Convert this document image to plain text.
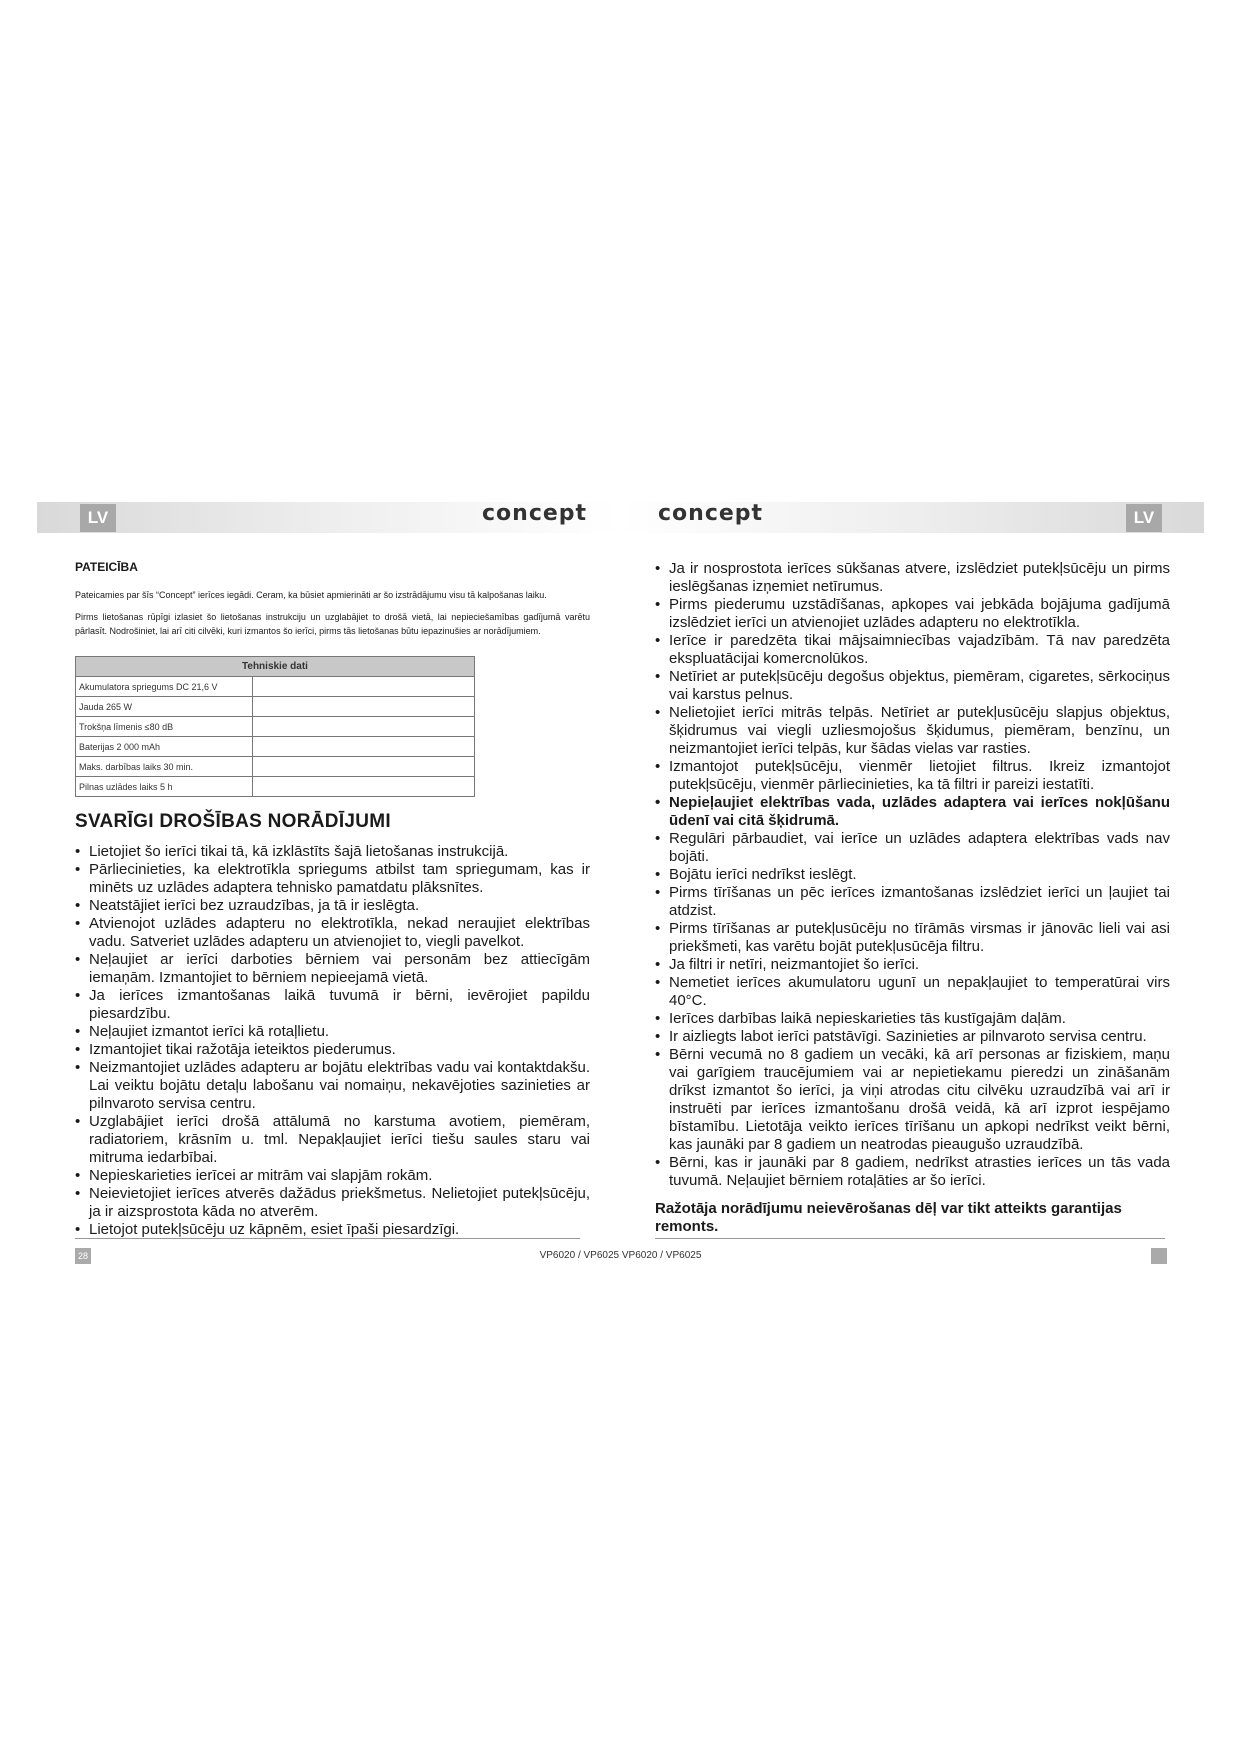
LV	LV
concept	concept
PATEICĪBA

Pateicamies par šīs “Concept” ierīces iegādi. Ceram, ka būsiet apmierināti ar šo izstrādājumu visu tā kalpošanas laiku.

Pirms lietošanas rūpīgi izlasiet šo lietošanas instrukciju un uzglabājiet to drošā vietā, lai nepieciešamības gadījumā varētu pārlasīt. Nodrošiniet, lai arī citi cilvēki, kuri izmantos šo ierīci, pirms tās lietošanas būtu iepazinušies ar norādījumiem.

Tehniskie dati	
Akumulatora spriegums DC 21,6 V	
Jauda 265 W	
Trokšņa līmenis ≤80 dB	
Baterijas 2 000 mAh	
Maks. darbības laiks 30 min.	
Pilnas uzlādes laiks 5 h	
SVARĪGI DROŠĪBAS NORĀDĪJUMI
• Lietojiet šo ierīci tikai tā, kā izklāstīts šajā lietošanas instrukcijā.
• Pārliecinieties, ka elektrotīkla spriegums atbilst tam spriegumam, kas ir minēts uz uzlādes adaptera tehnisko pamatdatu plāksnītes.
• Neatstājiet ierīci bez uzraudzības, ja tā ir ieslēgta.
• Atvienojot uzlādes adapteru no elektrotīkla, nekad neraujiet elektrības vadu. Satveriet uzlādes adapteru un atvienojiet to, viegli pavelkot.
• Neļaujiet ar ierīci darboties bērniem vai personām bez attiecīgām iemaņām. Izmantojiet to bērniem nepieejamā vietā.
• Ja ierīces izmantošanas laikā tuvumā ir bērni, ievērojiet papildu piesardzību.
• Neļaujiet izmantot ierīci kā rotaļlietu.
• Izmantojiet tikai ražotāja ieteiktos piederumus.
• Neizmantojiet uzlādes adapteru ar bojātu elektrības vadu vai kontaktdakšu. Lai veiktu bojātu detaļu labošanu vai nomaiņu, nekavējoties sazinieties ar pilnvaroto servisa centru.
• Uzglabājiet ierīci drošā attālumā no karstuma avotiem, piemēram, radiatoriem, krāsnīm u. tml. Nepakļaujiet ierīci tiešu saules staru vai mitruma iedarbībai.
• Nepieskarieties ierīcei ar mitrām vai slapjām rokām.
• Neievietojiet ierīces atverēs dažādus priekšmetus. Nelietojiet putekļsūcēju, ja ir aizsprostota kāda no atverēm.
• Lietojot putekļsūcēju uz kāpnēm, esiet īpaši piesardzīgi.
• Ja ir nosprostota ierīces sūkšanas atvere, izslēdziet putekļsūcēju un pirms ieslēgšanas izņemiet netīrumus.
• Pirms piederumu uzstādīšanas, apkopes vai jebkāda bojājuma gadījumā izslēdziet ierīci un atvienojiet uzlādes adapteru no elektrotīkla.
• Ierīce ir paredzēta tikai mājsaimniecības vajadzībām. Tā nav paredzēta ekspluatācijai komercnolūkos.
• Netīriet ar putekļsūcēju degošus objektus, piemēram, cigaretes, sērkociņus vai karstus pelnus.
• Nelietojiet ierīci mitrās telpās. Netīriet ar putekļusūcēju slapjus objektus, šķidrumus vai viegli uzliesmojošus šķidumus, piemēram, benzīnu, un neizmantojiet ierīci telpās, kur šādas vielas var rasties.
• Izmantojot putekļsūcēju, vienmēr lietojiet filtrus. Ikreiz izmantojot putekļsūcēju, vienmēr pārliecinieties, ka tā filtri ir pareizi iestatīti.
• Nepieļaujiet elektrības vada, uzlādes adaptera vai ierīces nokļūšanu ūdenī vai citā šķidrumā.
• Regulāri pārbaudiet, vai ierīce un uzlādes adaptera elektrības vads nav bojāti.
• Bojātu ierīci nedrīkst ieslēgt.
• Pirms tīrīšanas un pēc ierīces izmantošanas izslēdziet ierīci un ļaujiet tai atdzist.
• Pirms tīrīšanas ar putekļusūcēju no tīrāmās virsmas ir jānovāc lieli vai asi priekšmeti, kas varētu bojāt putekļusūcēja filtru.
• Ja filtri ir netīri, neizmantojiet šo ierīci.
• Nemetiet ierīces akumulatoru ugunī un nepakļaujiet to temperatūrai virs 40°C.
• Ierīces darbības laikā nepieskarieties tās kustīgajām daļām.
• Ir aizliegts labot ierīci patstāvīgi. Sazinieties ar pilnvaroto servisa centru.
• Bērni vecumā no 8 gadiem un vecāki, kā arī personas ar fiziskiem, maņu vai garīgiem traucējumiem vai ar nepietiekamu pieredzi un zināšanām drīkst izmantot šo ierīci, ja viņi atrodas citu cilvēku uzraudzībā vai arī ir instruēti par ierīces izmantošanu drošā veidā, kā arī izprot iespējamo bīstamību. Lietotāja veikto ierīces tīrīšanu un apkopi nedrīkst veikt bērni, kas jaunāki par 8 gadiem un neatrodas pieaugušo uzraudzībā.
• Bērni, kas ir jaunāki par 8 gadiem, nedrīkst atrasties ierīces un tās vada tuvumā. Neļaujiet bērniem rotaļāties ar šo ierīci.
Ražotāja norādījumu neievērošanas dēļ var tikt atteikts garantijas remonts.
28	VP6020 / VP6025 VP6020 / VP6025
